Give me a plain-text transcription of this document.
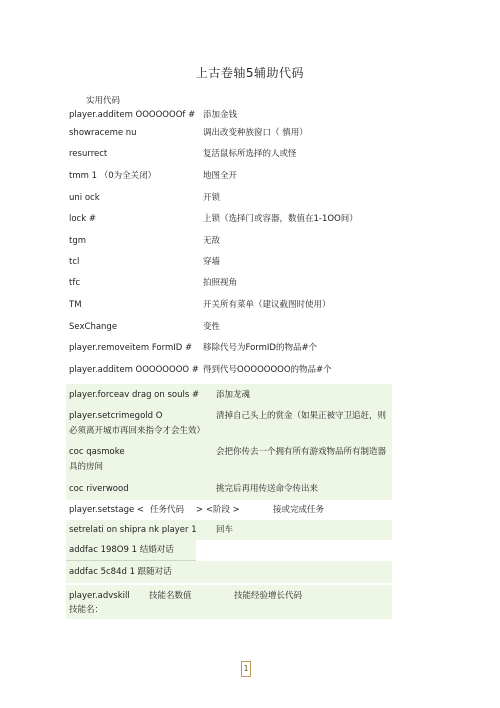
上古卷轴5辅助代码
实用代码
player.additem OOOOOOOf # 添加金钱
showraceme nu	调出改变种族窗口（ 慎用）
resurrect	复活鼠标所选择的人或怪
tmm 1 （0为全关闭）	地图全开
uni ock	开锁
lock #	上锁（选择门或容器，数值在1-1OO间）
tgm	无敌
tcl	穿墙
tfc	拍照视角
TM	开关所有菜单（建议截图时使用）
SexChange	变性
player.removeitem FormID # 移除代号为FormID的物品#个
player.additem OOOOOOOO # 得到代号OOOOOOOO的物品#个
player.forceav drag on souls # 添加龙魂
player.setcrimegold O	清掉自己头上的赏金（如果正被守卫追赶，则
必须离开城市再回来指令才会生效）
coc qasmoke	会把你传去一个拥有所有游戏物品所有制造器
具的房间
coc riverwood	挑完后再用传送命令传出来
player.setstage < 任务代码 > <阶段 >	接或完成任务
setrelati on shipra nk player 1 回车
addfac 198O9 1 结婚对话
addfac 5c84d 1 跟随对话
player.advskill 技能名数值	技能经验增长代码
技能名：
1
